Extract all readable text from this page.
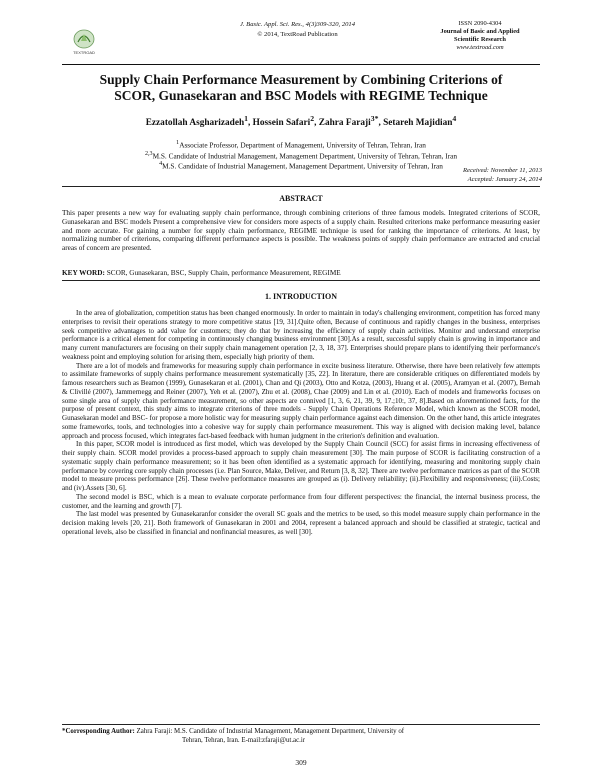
TEXTROAD
J. Basic. Appl. Sci. Res., 4(3)309-320, 2014
© 2014, TextRoad Publication
ISSN 2090-4304
Journal of Basic and Applied
Scientific Research
www.textroad.com
Supply Chain Performance Measurement by Combining Criterions of
SCOR, Gunasekaran and BSC Models with REGIME Technique
Ezzatollah Asgharizadeh$^1$, Hossein Safari$^2$, Zahra Faraji$^{3*}$, Setareh Majidian$^4$
$^1$Associate Professor, Department of Management, University of Tehran, Tehran, Iran
$^{2,3}$M.S. Candidate of Industrial Management, Management Department, University of Tehran, Tehran, Iran
$^4$M.S. Candidate of Industrial Management, Management Department, University of Tehran, Iran	Received: November 11, 2013
Accepted: January 24, 2014
ABSTRACT
This paper presents a new way for evaluating supply chain performance, through combining criterions of three famous models. Integrated criterions of SCOR, Gunasekaran and BSC models Present a comprehensive view for considers more aspects of a supply chain. Resulted criterions make performance measuring easier and more accurate. For gaining a number for supply chain performance, REGIME technique is used for ranking the importance of criterions. At least, by normalizing number of criterions, comparing different performance aspects is possible. The weakness points of supply chain performance are extracted and crucial areas of concern are presented.
KEY WORD: SCOR, Gunasekaran, BSC, Supply Chain, performance Measurement, REGIME
1. INTRODUCTION

In the area of globalization, competition status has been changed enormously. In order to maintain in today's challenging environment, competition has forced many enterprises to revisit their operations strategy to more competitive status [19, 31].Quite often, Because of continuous and rapidly changes in the business, enterprises seek competitive advantages to add value for customers; they do that by increasing the efficiency of supply chain activities. Monitor and understand enterprise performance is a critical element for competing in continuously changing business environment [30].As a result, successful supply chain is growing in importance and many current manufacturers are focusing on their supply chain management operation [2, 3, 18, 37]. Enterprises should prepare plans to identifying their performance's weakness point and employing solution for arising them, especially high priority of them.

There are a lot of models and frameworks for measuring supply chain performance in excite business literature. Otherwise, there have been relatively few attempts to assimilate frameworks of supply chains performance measurement systematically [35, 22]. In literature, there are considerable critiques on differentiated models by famous researchers such as Beamon (1999), Gunasekaran et al. (2001), Chan and Qi (2003), Otto and Kotza, (2003), Huang et al. (2005), Aramyan et al. (2007), Bernah & Clivillé (2007), Jammernegg and Reiner (2007), Yeh et al. (2007), Zhu et al. (2008), Chae (2009) and Lin et al. (2010). Each of models and frameworks focuses on some single area of supply chain performance measurement, so other aspects are connived [1, 3, 6, 21, 39, 9, 17.;10:, 37, 8].Based on aforementioned facts, for the purpose of present context, this study aims to integrate criterions of three models - Supply Chain Operations Reference Model, which known as the SCOR model, Gunasekaran model and BSC- for propose a more holistic way for measuring supply chain performance against each dimension. On the other hand, this article integrates some frameworks, tools, and technologies into a cohesive way for supply chain performance measurement. This way is aligned with decision making level, balance approach and process focused, which integrates fact-based feedback with human judgment in the criterion's definition and evaluation.

In this paper, SCOR model is introduced as first model, which was developed by the Supply Chain Council (SCC) for assist firms in increasing effectiveness of their supply chain. SCOR model provides a process-based approach to supply chain measurement [30]. The main purpose of SCOR is facilitating construction of a systematic supply chain performance measurement; so it has been often identified as a systematic approach for identifying, measuring and monitoring supply chain performance by covering core supply chain processes (i.e. Plan Source, Make, Deliver, and Return [3, 8, 32]. There are twelve performance matrices as part of the SCOR model to measure process performance [26]. These twelve performance measures are grouped as (i). Delivery reliability; (ii).Flexibility and responsiveness; (iii).Costs; and (iv).Assets [30, 6].

The second model is BSC, which is a mean to evaluate corporate performance from four different perspectives: the financial, the internal business process, the customer, and the learning and growth [7].

The last model was presented by Gunasekaranfor consider the overall SC goals and the metrics to be used, so this model measure supply chain performance in the decision making levels [20, 21]. Both framework of Gunasekaran in 2001 and 2004, represent a balanced approach and should be classified at strategic, tactical and operational levels, also be classified in financial and nonfinancial measures, as well [30].

*Corresponding Author: Zahra Faraji: M.S. Candidate of Industrial Management, Management Department, University of
Tehran, Tehran, Iran. E-mail:zfaraji@ut.ac.ir
309
